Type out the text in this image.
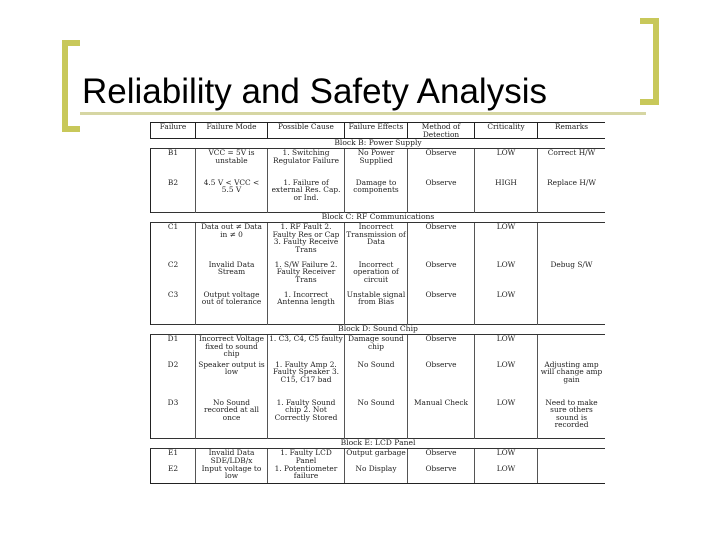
Reliability and Safety Analysis
Failure	Failure Mode	Possible Cause	Failure Effects	Method of Detection	Criticality	Remarks
Block B: Power Supply						
B1	VCC = 5V is unstable	1. Switching Regulator Failure	No Power Supplied	Observe	LOW	Correct H/W
B2	4.5 V < VCC < 5.5 V	1. Failure of external Res. Cap. or Ind.	Damage to components	Observe	HIGH	Replace H/W
Block C: RF Communications						
C1	Data out ≠ Data in ≠ 0	1. RF Fault 2. Faulty Res or Cap 3. Faulty Receive Trans	Incorrect Transmission of Data	Observe	LOW	
C2	Invalid Data Stream	1. S/W Failure 2. Faulty Receiver Trans	Incorrect operation of circuit	Observe	LOW	Debug S/W
C3	Output voltage out of tolerance	1. Incorrect Antenna length	Unstable signal from Bias	Observe	LOW	
Block D: Sound Chip						
D1	Incorrect Voltage fixed to sound chip	1. C3, C4, C5 faulty	Damage sound chip	Observe	LOW	
D2	Speaker output is low	1. Faulty Amp 2. Faulty Speaker 3. C15, C17 bad	No Sound	Observe	LOW	Adjusting amp will change amp gain
D3	No Sound recorded at all once	1. Faulty Sound chip 2. Not Correctly Stored	No Sound	Manual Check	LOW	Need to make sure others sound is recorded
Block E: LCD Panel						
E1	Invalid Data SDE/LDB/x	1. Faulty LCD Panel	Output garbage	Observe	LOW	
E2	Input voltage to low	1. Potentiometer failure	No Display	Observe	LOW	
